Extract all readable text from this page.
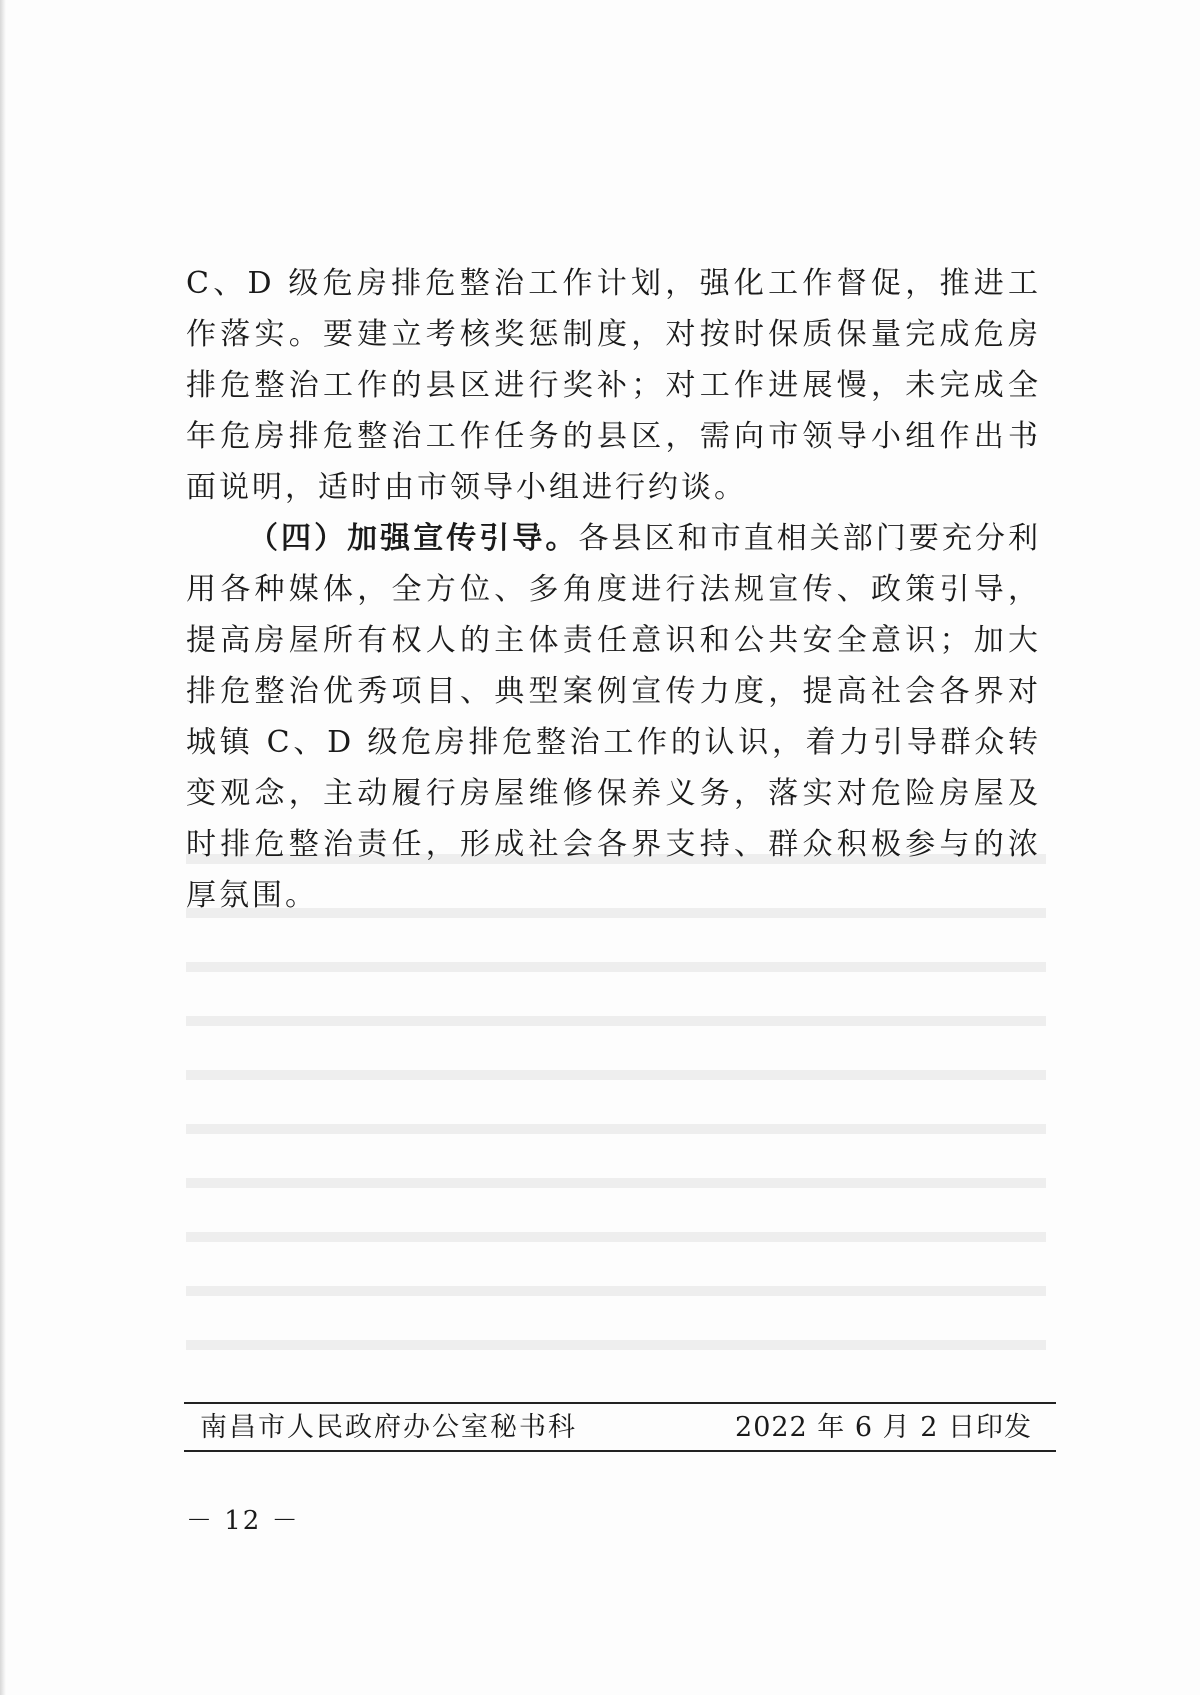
C、D 级危房排危整治工作计划，强化工作督促，推进工作落实。要建立考核奖惩制度，对按时保质保量完成危房排危整治工作的县区进行奖补；对工作进展慢，未完成全年危房排危整治工作任务的县区，需向市领导小组作出书面说明，适时由市领导小组进行约谈。

（四）加强宣传引导。各县区和市直相关部门要充分利用各种媒体，全方位、多角度进行法规宣传、政策引导，提高房屋所有权人的主体责任意识和公共安全意识；加大排危整治优秀项目、典型案例宣传力度，提高社会各界对城镇 C、D 级危房排危整治工作的认识，着力引导群众转变观念，主动履行房屋维修保养义务，落实对危险房屋及时排危整治责任，形成社会各界支持、群众积极参与的浓厚氛围。

南昌市人民政府办公室秘书科	2022 年 6 月 2 日印发
－ 12 －
